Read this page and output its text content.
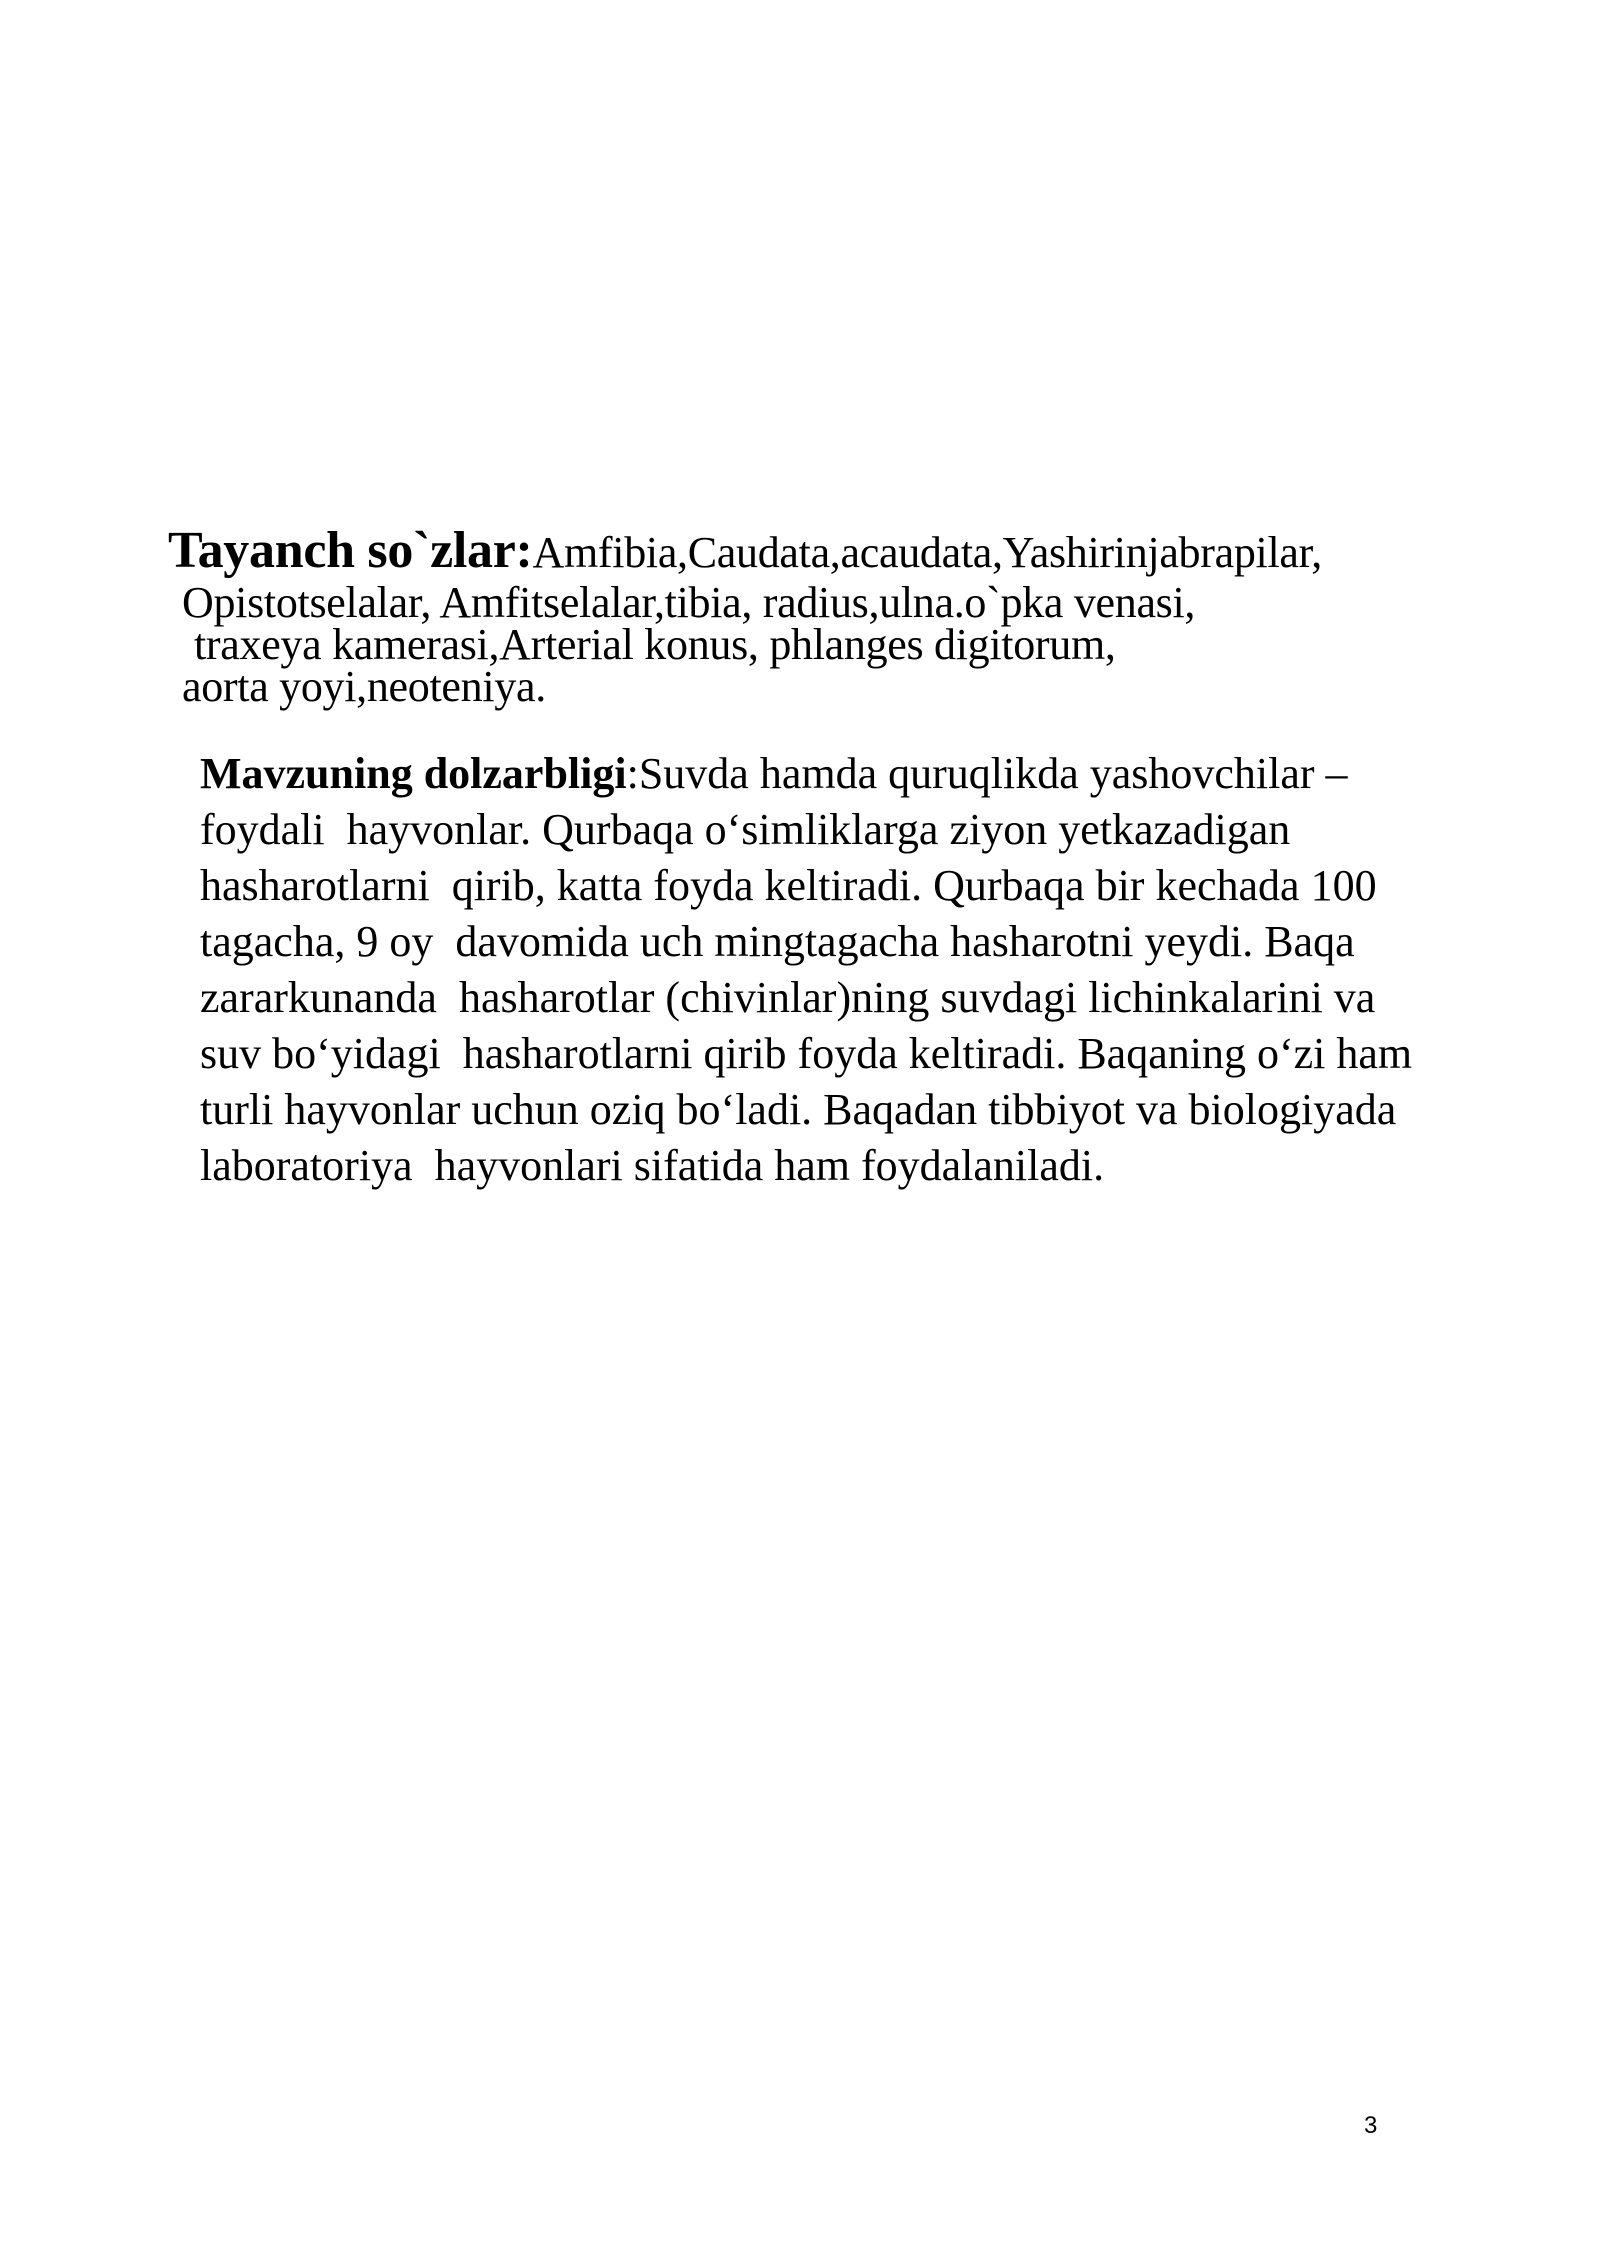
Tayanch so`zlar:Amfibia,Caudata,acaudata,Yashirinjabrapilar,
Opistotselalar, Amfitselalar,tibia, radius,ulna.o`pka venasi,
traxeya kamerasi,Arterial konus, phlanges digitorum,
aorta yoyi,neoteniya.
Mavzuning dolzarbligi:Suvda hamda quruqlikda yashovchilar –
foydali  hayvonlar. Qurbaqa o‘simliklarga ziyon yetkazadigan
hasharotlarni  qirib, katta foyda keltiradi. Qurbaqa bir kechada 100
tagacha, 9 oy  davomida uch mingtagacha hasharotni yeydi. Baqa
zararkunanda  hasharotlar (chivinlar)ning suvdagi lichinkalarini va
suv bo‘yidagi  hasharotlarni qirib foyda keltiradi. Baqaning o‘zi ham
turli hayvonlar uchun oziq bo‘ladi. Baqadan tibbiyot va biologiyada
laboratoriya  hayvonlari sifatida ham foydalaniladi.
3
